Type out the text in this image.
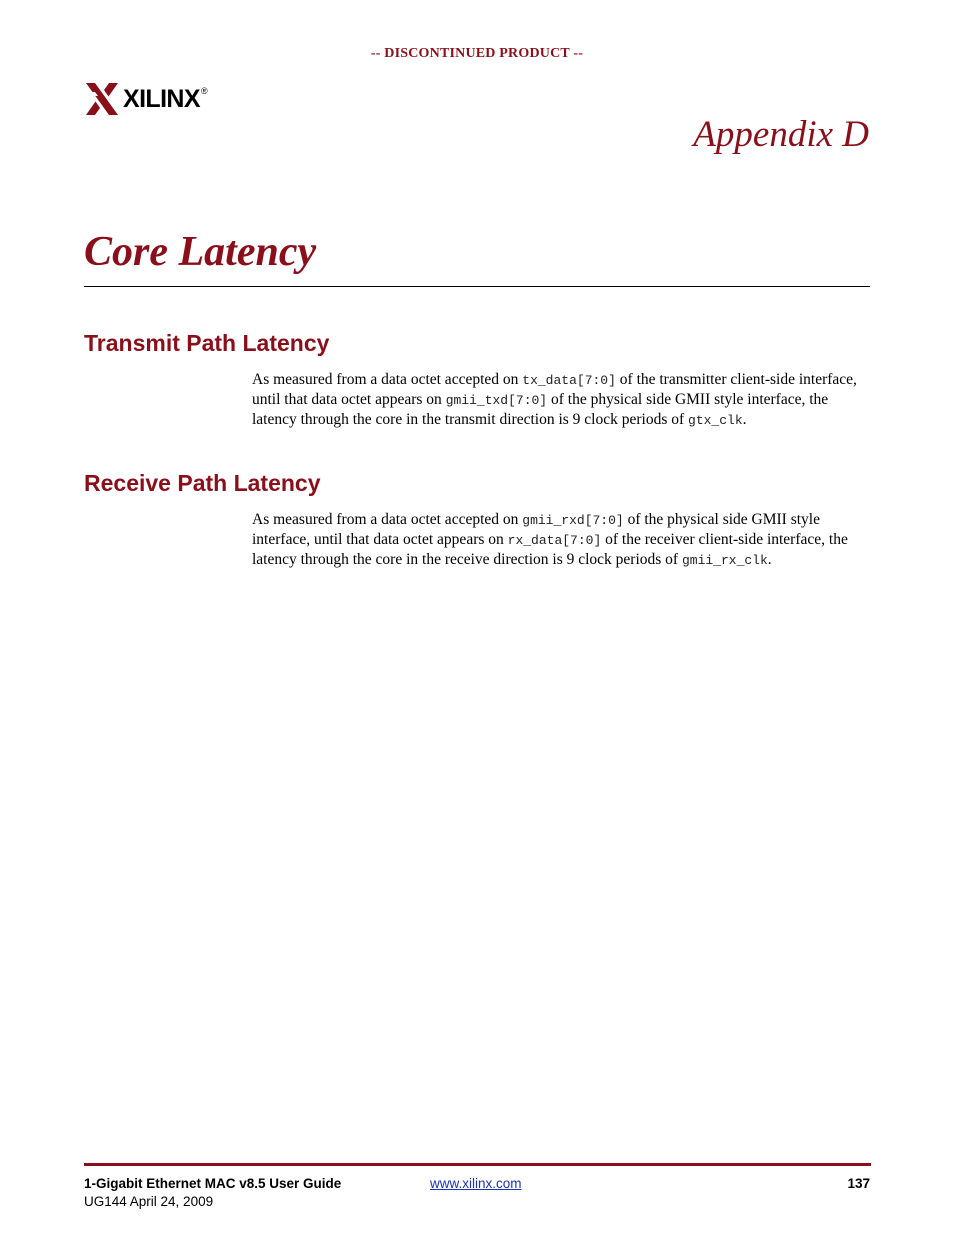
-- DISCONTINUED PRODUCT --
XILINX ®
Appendix D
Core Latency
Transmit Path Latency

As measured from a data octet accepted on tx_data[7:0] of the transmitter client-side interface, until that data octet appears on gmii_txd[7:0] of the physical side GMII style interface, the latency through the core in the transmit direction is 9 clock periods of gtx_clk.

Receive Path Latency

As measured from a data octet accepted on gmii_rxd[7:0] of the physical side GMII style interface, until that data octet appears on rx_data[7:0] of the receiver client-side interface, the latency through the core in the receive direction is 9 clock periods of gmii_rx_clk.

1-Gigabit Ethernet MAC v8.5 User Guide
UG144 April 24, 2009
www.xilinx.com	137
